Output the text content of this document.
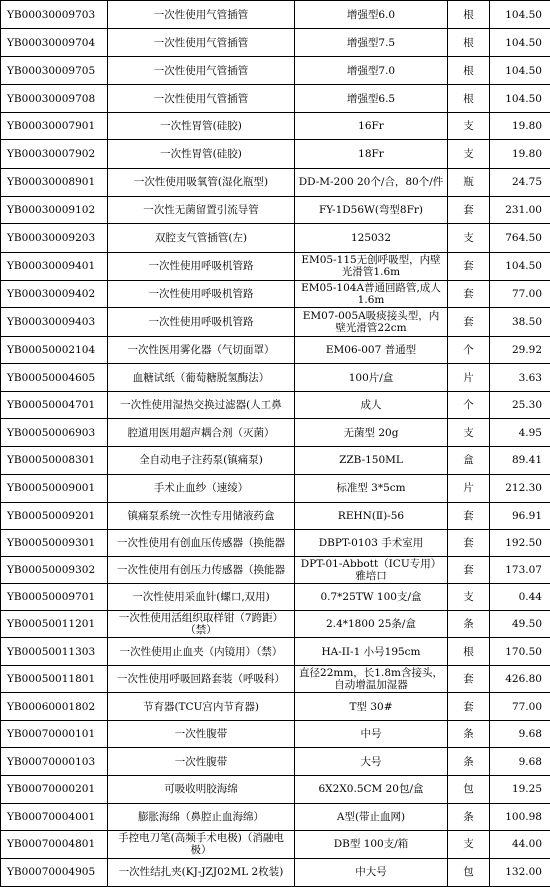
YB00030009703	一次性使用气管插管	增强型6.0	根	104.50
YB00030009704	一次性使用气管插管	增强型7.5	根	104.50
YB00030009705	一次性使用气管插管	增强型7.0	根	104.50
YB00030009708	一次性使用气管插管	增强型6.5	根	104.50
YB00030007901	一次性胃管(硅胶)	16Fr	支	19.80
YB00030007902	一次性胃管(硅胶)	18Fr	支	19.80
YB00030008901	一次性使用吸氧管(湿化瓶型)	DD-M-200 20个/合，80个/件	瓶	24.75
YB00030009102	一次性无菌留置引流导管	FY-1D56W(弯型8Fr)	套	231.00
YB00030009203	双腔支气管插管(左)	125032	支	764.50
YB00030009401	一次性使用呼吸机管路	EM05-115无创呼吸型，内壁光滑管1.6m	套	104.50
YB00030009402	一次性使用呼吸机管路	EM05-104A普通回路管,成人1.6m	套	77.00
YB00030009403	一次性使用呼吸机管路	EM07-005A吸痰接头型，内壁光滑管22cm	套	38.50
YB00050002104	一次性医用雾化器（气切面罩）	EM06-007 普通型	个	29.92
YB00050004605	血糖试纸（葡萄糖脱氢酶法）	100片/盒	片	3.63
YB00050004701	一次性使用湿热交换过滤器(人工鼻	成人	个	25.30
YB00050006903	腔道用医用超声耦合剂（灭菌）	无菌型 20g	支	4.95
YB00050008301	全自动电子注药泵(镇痛泵)	ZZB-150ML	盒	89.41
YB00050009001	手术止血纱（速绫）	标准型 3*5cm	片	212.30
YB00050009201	镇痛泵系统一次性专用储液药盒	REHN(Ⅱ)-56	套	96.91
YB00050009301	一次性使用有创血压传感器（换能器	DBPT-0103 手术室用	套	192.50
YB00050009302	一次性使用有创压力传感器（换能器	DPT-01-Abbott（ICU专用）雅培口	套	173.07
YB00050009701	一次性使用采血针(螺口,双用)	0.7*25TW 100支/盒	支	0.44
YB00050011201	一次性使用活组织取样钳（7跨距）（禁）	2.4*1800 25条/盒	条	49.50
YB00050011303	一次性使用止血夹（内镜用）（禁）	HA-II-1 小号195cm	根	170.50
YB00050011801	一次性使用呼吸回路套装（呼吸科）	直径22mm，长1.8m含接头，自动增温加湿器	套	426.80
YB00060001802	节育器(TCU宫内节育器)	T型 30#	套	77.00
YB00070000101	一次性腹带	中号	条	9.68
YB00070000103	一次性腹带	大号	条	9.68
YB00070000201	可吸收明胶海绵	6X2X0.5CM 20包/盒	包	19.25
YB00070004001	膨胀海绵（鼻腔止血海绵）	A型(带止血网)	条	100.98
YB00070004801	手控电刀笔(高频手术电极)（消融电极）	DB型 100支/箱	支	44.00
YB00070004905	一次性结扎夹(KJ-JZJ02ML 2枚装)	中大号	包	132.00
